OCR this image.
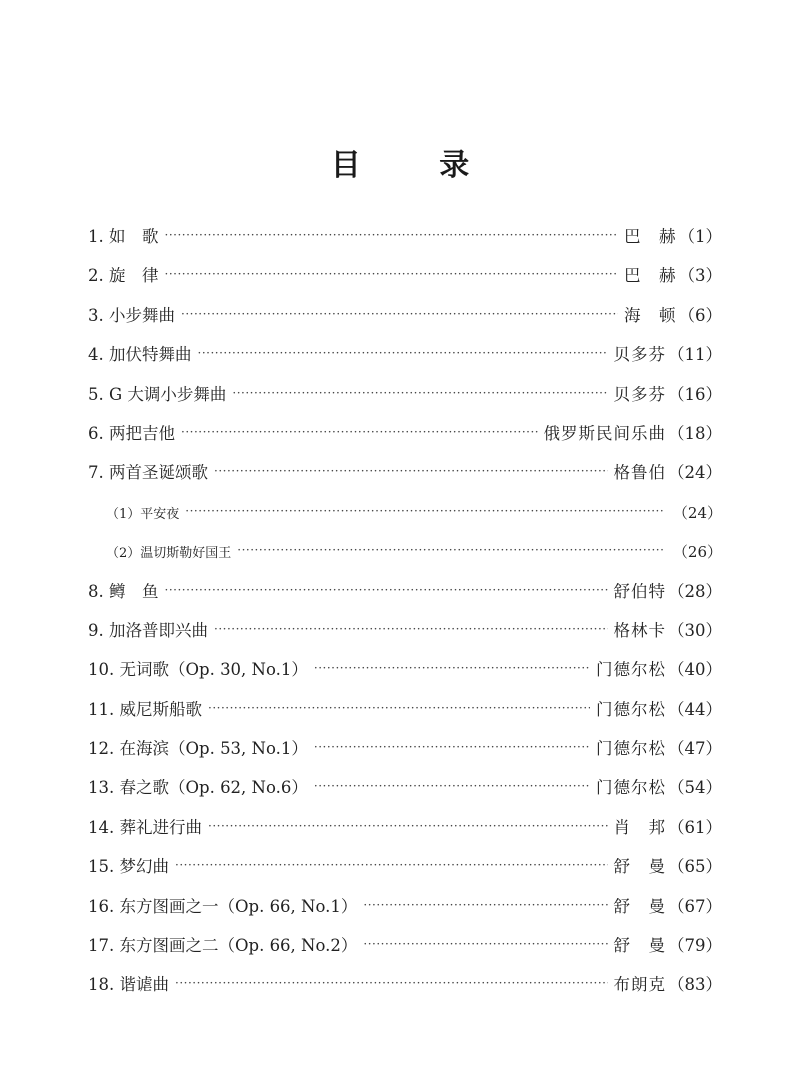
目 录
1. 如　歌 ·····	巴　赫 （1）
2. 旋　律 ·····	巴　赫 （3）
3. 小步舞曲 ·····	海　顿 （6）
4. 加伏特舞曲 ·····	贝多芬 （11）
5. G 大调小步舞曲 ·····	贝多芬 （16）
6. 两把吉他 ·····	俄罗斯民间乐曲 （18）
7. 两首圣诞颂歌 ·····	格鲁伯 （24）
（1）平安夜 ·····	（24）
（2）温切斯勒好国王 ·····	（26）
8. 鳟　鱼 ·····	舒伯特 （28）
9. 加洛普即兴曲 ·····	格林卡 （30）
10. 无词歌（Op. 30, No.1） ·····	门德尔松 （40）
11. 威尼斯船歌 ·····	门德尔松 （44）
12. 在海滨（Op. 53, No.1） ·····	门德尔松 （47）
13. 春之歌（Op. 62, No.6） ·····	门德尔松 （54）
14. 葬礼进行曲 ·····	肖　邦 （61）
15. 梦幻曲 ·····	舒　曼 （65）
16. 东方图画之一（Op. 66, No.1） ·····	舒　曼 （67）
17. 东方图画之二（Op. 66, No.2） ·····	舒　曼 （79）
18. 谐谑曲 ·····	布朗克 （83）
